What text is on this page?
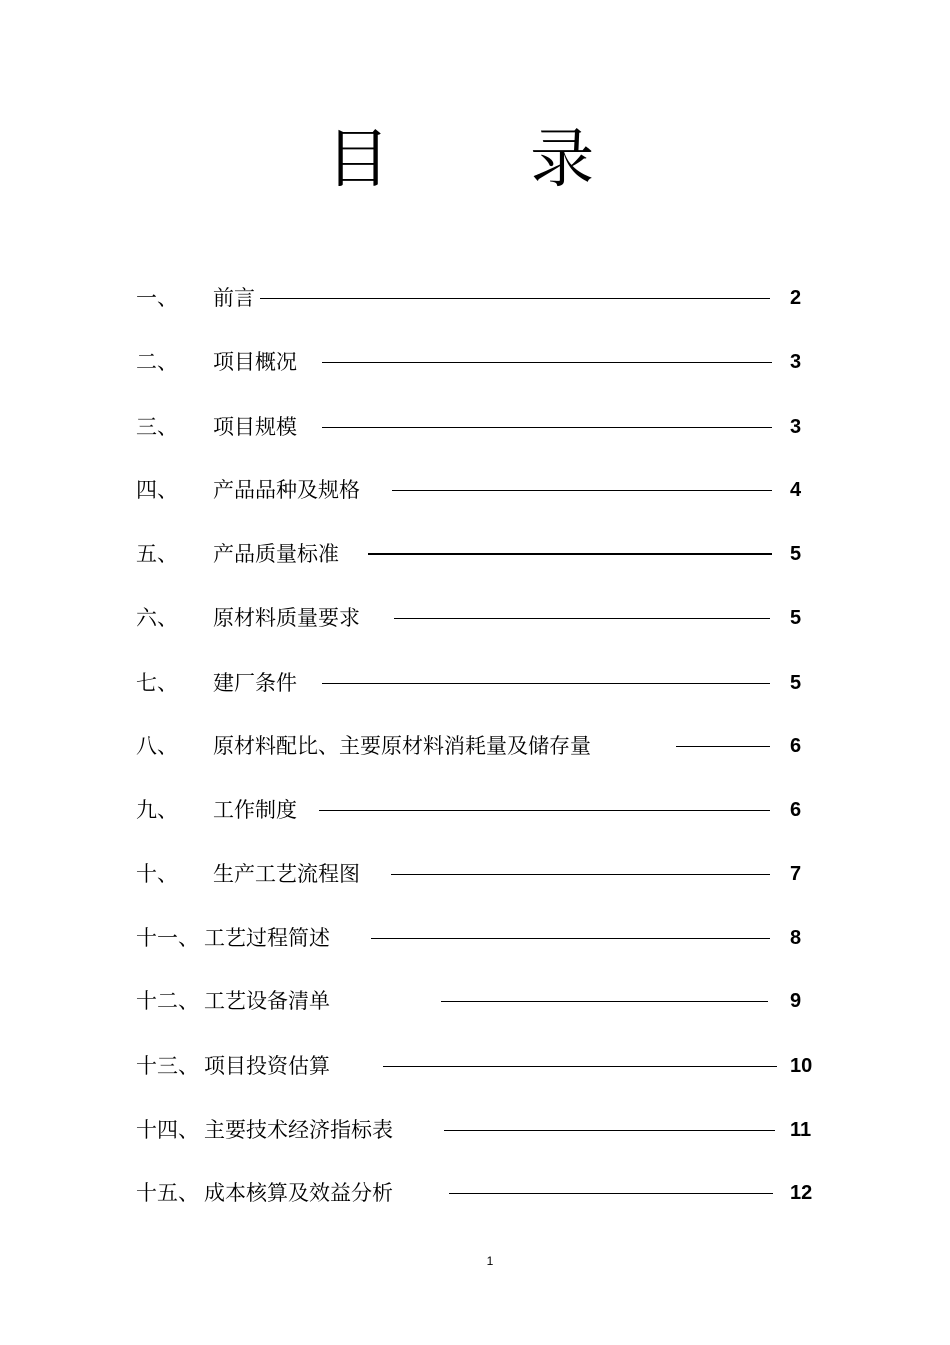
目 录
一、 前言	2
二、 项目概况	3
三、 项目规模	3
四、 产品品种及规格	4
五、 产品质量标准	5
六、 原材料质量要求	5
七、 建厂条件	5
八、 原材料配比、主要原材料消耗量及储存量	6
九、 工作制度	6
十、 生产工艺流程图	7
十一、 工艺过程简述	8
十二、 工艺设备清单	9
十三、 项目投资估算	10
十四、 主要技术经济指标表	11
十五、 成本核算及效益分析	12
1
